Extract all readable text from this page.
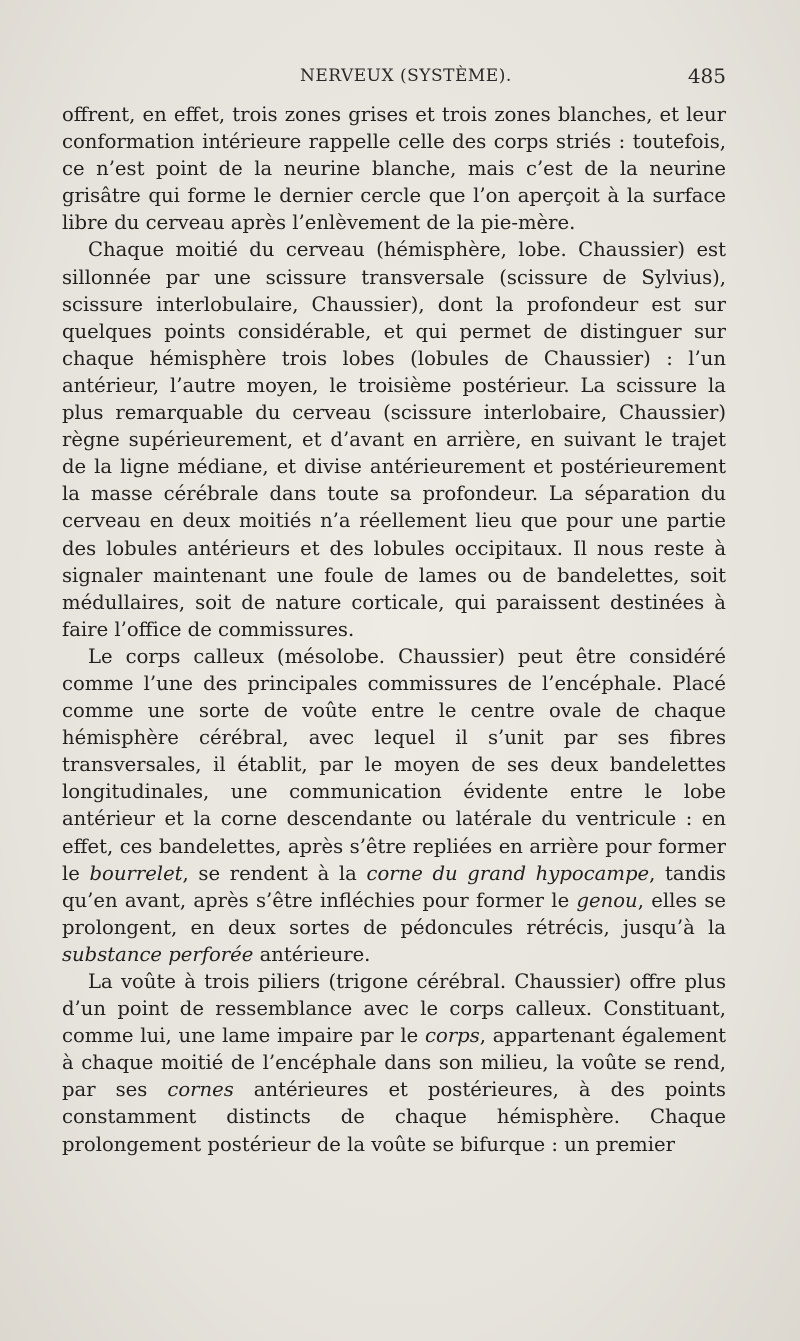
NERVEUX (SYSTÈME).	485

offrent, en effet, trois zones grises et trois zones blanches, et leur conformation intérieure rappelle celle des corps striés : toutefois, ce n’est point de la neurine blanche, mais c’est de la neurine grisâtre qui forme le dernier cercle que l’on aperçoit à la surface libre du cerveau après l’enlèvement de la pie-mère.

Chaque moitié du cerveau (hémisphère, lobe. Chaussier) est sillonnée par une scissure transversale (scissure de Sylvius), scissure interlobulaire, Chaussier), dont la profondeur est sur quelques points considérable, et qui permet de distinguer sur chaque hémisphère trois lobes (lobules de Chaussier) : l’un antérieur, l’autre moyen, le troisième postérieur. La scissure la plus remarquable du cerveau (scissure interlobaire, Chaussier) règne supérieurement, et d’avant en arrière, en suivant le trajet de la ligne médiane, et divise antérieurement et postérieurement la masse cérébrale dans toute sa profondeur. La séparation du cerveau en deux moitiés n’a réellement lieu que pour une partie des lobules antérieurs et des lobules occipitaux. Il nous reste à signaler maintenant une foule de lames ou de bandelettes, soit médullaires, soit de nature corticale, qui paraissent destinées à faire l’office de commissures.

Le corps calleux (mésolobe. Chaussier) peut être considéré comme l’une des principales commissures de l’encéphale. Placé comme une sorte de voûte entre le centre ovale de chaque hémisphère cérébral, avec lequel il s’unit par ses fibres transversales, il établit, par le moyen de ses deux bandelettes longitudinales, une communication évidente entre le lobe antérieur et la corne descendante ou latérale du ventricule : en effet, ces bandelettes, après s’être repliées en arrière pour former le bourrelet, se rendent à la corne du grand hypocampe, tandis qu’en avant, après s’être infléchies pour former le genou, elles se prolongent, en deux sortes de pédoncules rétrécis, jusqu’à la substance perforée antérieure.

La voûte à trois piliers (trigone cérébral. Chaussier) offre plus d’un point de ressemblance avec le corps calleux. Constituant, comme lui, une lame impaire par le corps, appartenant également à chaque moitié de l’encéphale dans son milieu, la voûte se rend, par ses cornes antérieures et postérieures, à des points constamment distincts de chaque hémisphère. Chaque prolongement postérieur de la voûte se bifurque : un premier
